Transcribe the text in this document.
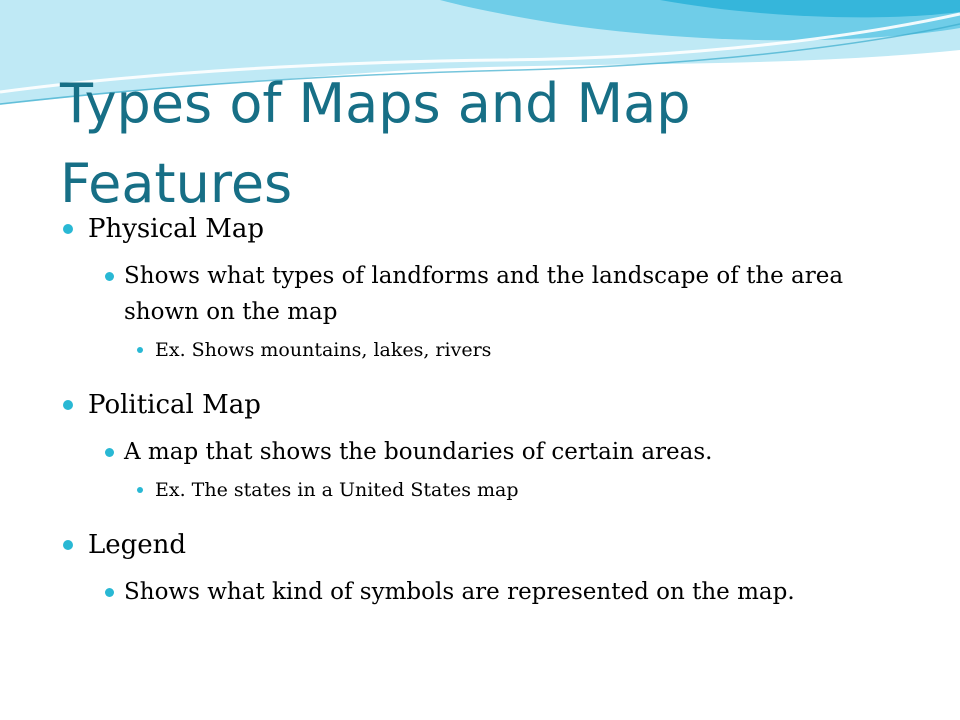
Types of Maps and Map Features
Physical Map
Shows what types of landforms and the landscape of the area shown on the map
Ex. Shows mountains, lakes, rivers
Political Map
A map that shows the boundaries of certain areas.
Ex. The states in a United States map
Legend
Shows what kind of symbols are represented on the map.
